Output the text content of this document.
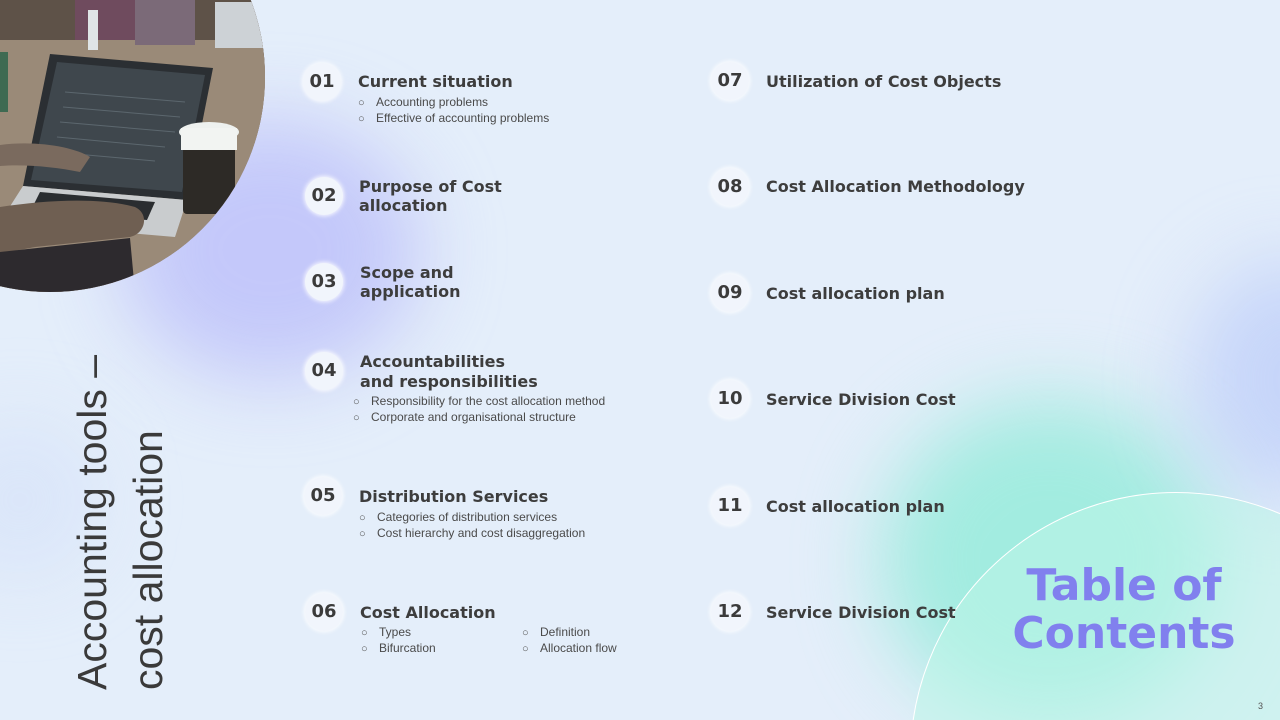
Table of
Contents
Accounting tools – cost allocation
01	Current situation
○ Accounting problems
○ Effective of accounting problems
02	Purpose of Cost
allocation
03	Scope and
application
04	Accountabilities
and responsibilities
○ Responsibility for the cost allocation method
○ Corporate and organisational structure
05	Distribution Services
○ Categories of distribution services
○ Cost hierarchy and cost disaggregation
06	Cost Allocation
○ Types
○ Bifurcation
○ Definition
○ Allocation flow
07	Utilization of Cost Objects
08	Cost Allocation Methodology
09	Cost allocation plan
10	Service Division Cost
11	Cost allocation plan
12	Service Division Cost
3
